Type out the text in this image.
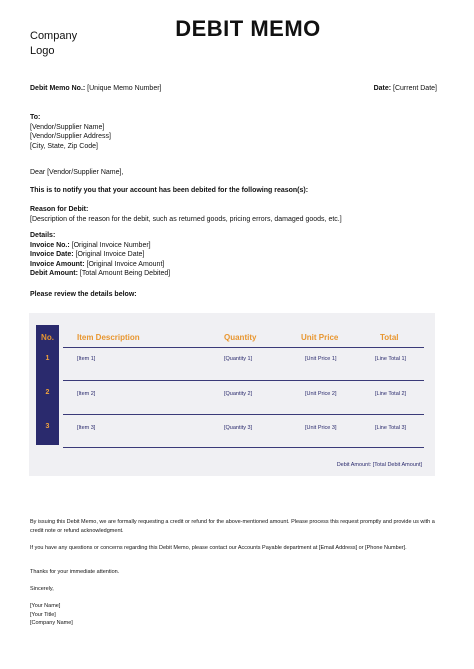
Company
Logo
DEBIT MEMO
Debit Memo No.: [Unique Memo Number]	Date: [Current Date]
To:
[Vendor/Supplier Name]
[Vendor/Supplier Address]
[City, State, Zip Code]
Dear [Vendor/Supplier Name],
This is to notify you that your account has been debited for the following reason(s):
Reason for Debit:
[Description of the reason for the debit, such as returned goods, pricing errors, damaged goods, etc.]
Details:
Invoice No.: [Original Invoice Number]
Invoice Date: [Original Invoice Date]
Invoice Amount: [Original Invoice Amount]
Debit Amount: [Total Amount Being Debited]
Please review the details below:
No.	Item Description	Quantity	Unit Price	Total
1	[Item 1]	[Quantity 1]	[Unit Price 1]	[Line Total 1]
2	[Item 2]	[Quantity 2]	[Unit Price 2]	[Line Total 2]
3	[Item 3]	[Quantity 3]	[Unit Price 3]	[Line Total 3]
Debit Amount: [Total Debit Amount]
By issuing this Debit Memo, we are formally requesting a credit or refund for the above-mentioned amount. Please process this request promptly and provide us with a credit note or refund acknowledgment.
If you have any questions or concerns regarding this Debit Memo, please contact our Accounts Payable department at [Email Address] or [Phone Number].
Thanks for your immediate attention.
Sincerely,
[Your Name]
[Your Title]
[Company Name]
